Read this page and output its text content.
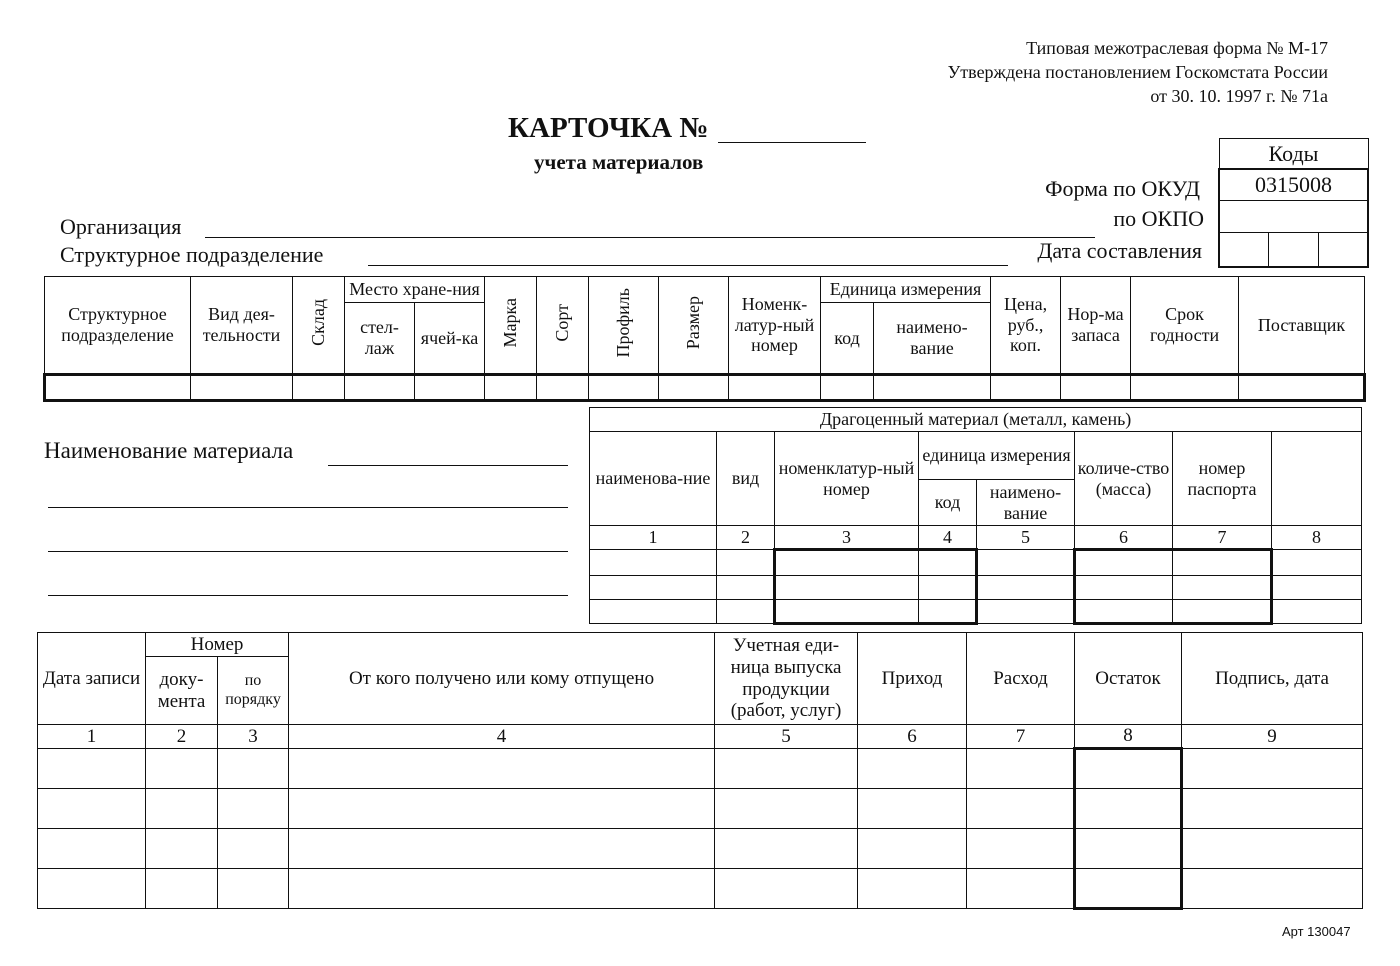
Типовая межотраслевая форма № М-17
Утверждена постановлением Госкомстата России
от 30. 10. 1997 г. № 71а
КАРТОЧКА №
учета материалов	Коды
0315008

Форма по ОКУД
по ОКПО
Дата составления
Организация
Структурное подразделение
Структурное подразделение	Вид дея-тельности	Склад	Место хране-ния		Марка	Сорт	Профиль	Размер	Номенк-латур-ный номер	Единица измерения		Цена, руб., коп.	Нор-ма запаса	Срок годности	Поставщик
			стел-лаж	ячей-ка						код	наимено-вание				

Наименование материала
Драгоценный материал (металл, камень)							
наименова-ние	вид	номенклатур-ный номер	единица измерения		количе-ство (масса)	номер паспорта	
			код	наимено-вание			
1	2	3	4	5	6	7	8

Дата записи	Номер		От кого получено или кому отпущено	Учетная еди-ница выпуска продукции (работ, услуг)	Приход	Расход	Остаток	Подпись, дата
	доку-мента	по порядку						
1	2	3	4	5	6	7	8	9

Арт 130047
